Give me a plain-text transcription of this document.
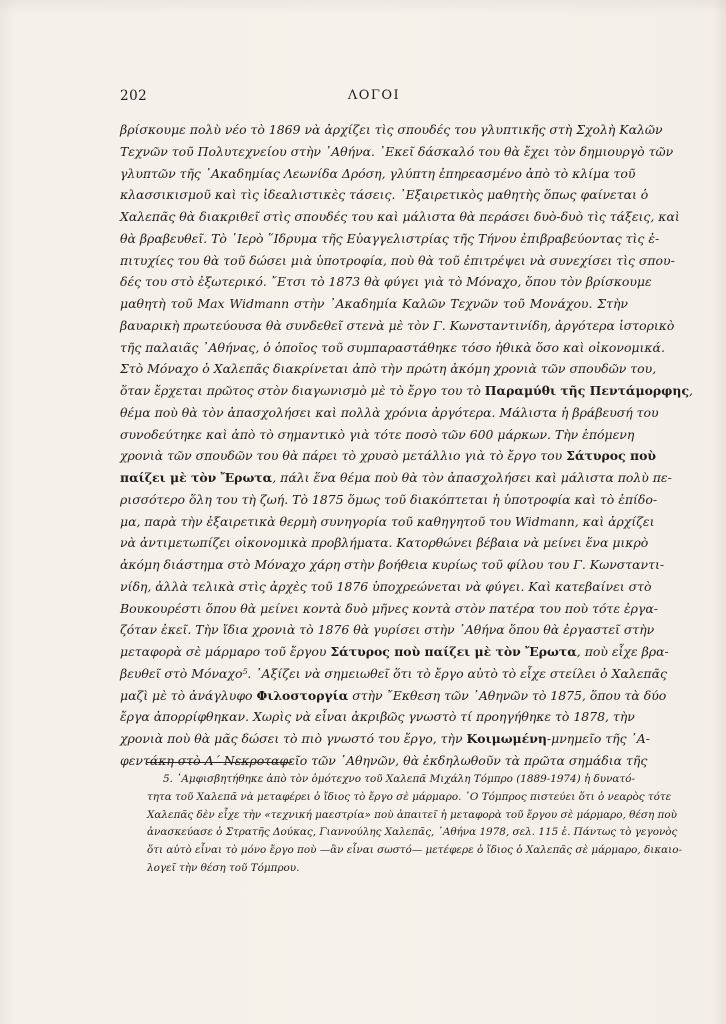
202	ΛΟΓΟΙ
βρίσκουμε πολὺ νέο τὸ 1869 νὰ ἀρχίζει τὶς σπουδές του γλυπτικῆς στὴ Σχολὴ Καλῶν
Τεχνῶν τοῦ Πολυτεχνείου στὴν ᾿Αθήνα. ᾿Εκεῖ δάσκαλό του θὰ ἔχει τὸν δημιουργὸ τῶν
γλυπτῶν τῆς ᾿Ακαδημίας Λεωνίδα Δρόση, γλύπτη ἐπηρεασμένο ἀπὸ τὸ κλίμα τοῦ
κλασσικισμοῦ καὶ τὶς ἰδεαλιστικὲς τάσεις. ᾿Εξαιρετικὸς μαθητὴς ὅπως φαίνεται ὁ
Χαλεπᾶς θὰ διακριθεῖ στὶς σπουδές του καὶ μάλιστα θὰ περάσει δυὸ-δυὸ τὶς τάξεις, καὶ
θὰ βραβευθεῖ. Τὸ ῾Ιερὸ ῞Ιδρυμα τῆς Εὐαγγελιστρίας τῆς Τήνου ἐπιβραβεύοντας τὶς ἐ-
πιτυχίες του θὰ τοῦ δώσει μιὰ ὑποτροφία, ποὺ θὰ τοῦ ἐπιτρέψει νὰ συνεχίσει τὶς σπου-
δές του στὸ ἐξωτερικό. ῎Ετσι τὸ 1873 θὰ φύγει γιὰ τὸ Μόναχο, ὅπου τὸν βρίσκουμε
μαθητὴ τοῦ Max Widmann στὴν ᾿Ακαδημία Καλῶν Τεχνῶν τοῦ Μονάχου. Στὴν
βαυαρικὴ πρωτεύουσα θὰ συνδεθεῖ στενὰ μὲ τὸν Γ. Κωνσταντινίδη, ἀργότερα ἱστορικὸ
τῆς παλαιᾶς ᾿Αθήνας, ὁ ὁποῖος τοῦ συμπαραστάθηκε τόσο ἠθικὰ ὅσο καὶ οἰκονομικά.
Στὸ Μόναχο ὁ Χαλεπᾶς διακρίνεται ἀπὸ τὴν πρώτη ἀκόμη χρονιὰ τῶν σπουδῶν του,
ὅταν ἔρχεται πρῶτος στὸν διαγωνισμὸ μὲ τὸ ἔργο του τὸ Παραμύθι τῆς Πεντάμορφης,
θέμα ποὺ θὰ τὸν ἀπασχολήσει καὶ πολλὰ χρόνια ἀργότερα. Μάλιστα ἡ βράβευσή του
συνοδεύτηκε καὶ ἀπὸ τὸ σημαντικὸ γιὰ τότε ποσὸ τῶν 600 μάρκων. Τὴν ἑπόμενη
χρονιὰ τῶν σπουδῶν του θὰ πάρει τὸ χρυσὸ μετάλλιο γιὰ τὸ ἔργο του Σάτυρος ποὺ
παίζει μὲ τὸν Ἔρωτα, πάλι ἕνα θέμα ποὺ θὰ τὸν ἀπασχολήσει καὶ μάλιστα πολὺ πε-
ρισσότερο ὅλη του τὴ ζωή. Τὸ 1875 ὅμως τοῦ διακόπτεται ἡ ὑποτροφία καὶ τὸ ἐπίδο-
μα, παρὰ τὴν ἐξαιρετικὰ θερμὴ συνηγορία τοῦ καθηγητοῦ του Widmann, καὶ ἀρχίζει
νὰ ἀντιμετωπίζει οἰκονομικὰ προβλήματα. Κατορθώνει βέβαια νὰ μείνει ἕνα μικρὸ
ἀκόμη διάστημα στὸ Μόναχο χάρη στὴν βοήθεια κυρίως τοῦ φίλου του Γ. Κωνσταντι-
νίδη, ἀλλὰ τελικὰ στὶς ἀρχὲς τοῦ 1876 ὑποχρεώνεται νὰ φύγει. Καὶ κατεβαίνει στὸ
Βουκουρέστι ὅπου θὰ μείνει κοντὰ δυὸ μῆνες κοντὰ στὸν πατέρα του ποὺ τότε ἐργα-
ζόταν ἐκεῖ. Τὴν ἴδια χρονιὰ τὸ 1876 θὰ γυρίσει στὴν ᾿Αθήνα ὅπου θὰ ἐργαστεῖ στὴν
μεταφορὰ σὲ μάρμαρο τοῦ ἔργου Σάτυρος ποὺ παίζει μὲ τὸν Ἔρωτα, ποὺ εἶχε βρα-
βευθεῖ στὸ Μόναχο⁵. ᾿Αξίζει νὰ σημειωθεῖ ὅτι τὸ ἔργο αὐτὸ τὸ εἶχε στείλει ὁ Χαλεπᾶς
μαζὶ μὲ τὸ ἀνάγλυφο Φιλοστοργία στὴν ῎Εκθεση τῶν ᾿Αθηνῶν τὸ 1875, ὅπου τὰ δύο
ἔργα ἀπορρίφθηκαν. Χωρὶς νὰ εἶναι ἀκριβῶς γνωστὸ τί προηγήθηκε τὸ 1878, τὴν
χρονιὰ ποὺ θὰ μᾶς δώσει τὸ πιὸ γνωστό του ἔργο, τὴν Κοιμωμένη-μνημεῖο τῆς ᾿Α-
φεντάκη στὸ Α΄ Νεκροταφεῖο τῶν ᾿Αθηνῶν, θὰ ἐκδηλωθοῦν τὰ πρῶτα σημάδια τῆς
5. ᾿Αμφισβητήθηκε ἀπὸ τὸν ὁμότεχνο τοῦ Χαλεπᾶ Μιχάλη Τόμπρο (1889-1974) ἡ δυνατό-
τητα τοῦ Χαλεπᾶ νὰ μεταφέρει ὁ ἴδιος τὸ ἔργο σὲ μάρμαρο. ῾Ο Τόμπρος πιστεύει ὅτι ὁ νεαρὸς τότε
Χαλεπᾶς δὲν εἶχε τὴν «τεχνική μαεστρία» ποὺ ἀπαιτεῖ ἡ μεταφορὰ τοῦ ἔργου σὲ μάρμαρο, θέση ποὺ
ἀνασκεύασε ὁ Στρατῆς Δούκας, Γιαννούλης Χαλεπᾶς, ᾿Αθήνα 1978, σελ. 115 ἑ. Πάντως τὸ γεγονὸς
ὅτι αὐτὸ εἶναι τὸ μόνο ἔργο ποὺ —ἂν εἶναι σωστό— μετέφερε ὁ ἴδιος ὁ Χαλεπᾶς σὲ μάρμαρο, δικαιο-
λογεῖ τὴν θέση τοῦ Τόμπρου.
